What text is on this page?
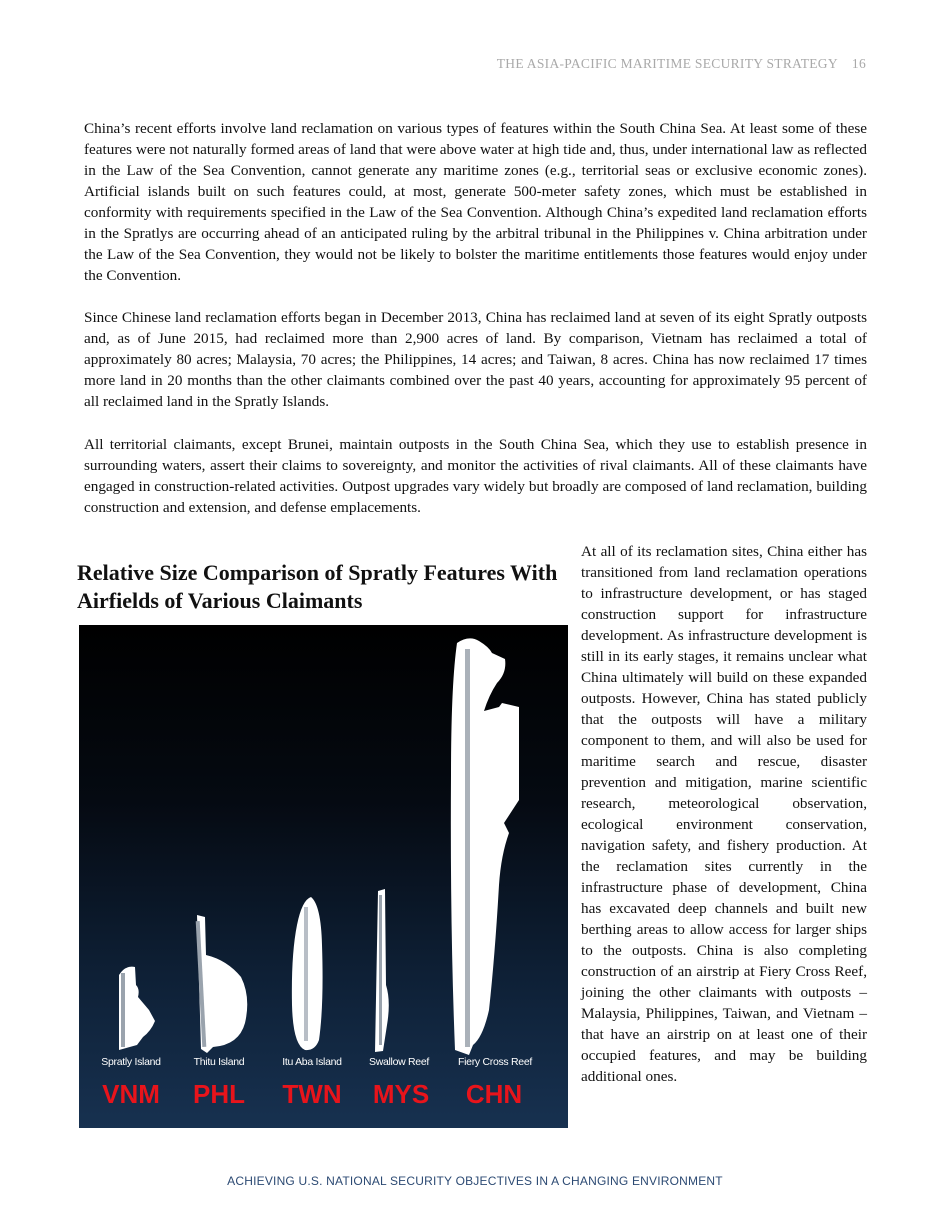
THE ASIA-PACIFIC MARITIME SECURITY STRATEGY 16

China’s recent efforts involve land reclamation on various types of features within the South China Sea. At least some of these features were not naturally formed areas of land that were above water at high tide and, thus, under international law as reflected in the Law of the Sea Convention, cannot generate any maritime zones (e.g., territorial seas or exclusive economic zones). Artificial islands built on such features could, at most, generate 500-meter safety zones, which must be established in conformity with requirements specified in the Law of the Sea Convention. Although China’s expedited land reclamation efforts in the Spratlys are occurring ahead of an anticipated ruling by the arbitral tribunal in the Philippines v. China arbitration under the Law of the Sea Convention, they would not be likely to bolster the maritime entitlements those features would enjoy under the Convention.

Since Chinese land reclamation efforts began in December 2013, China has reclaimed land at seven of its eight Spratly outposts and, as of June 2015, had reclaimed more than 2,900 acres of land. By comparison, Vietnam has reclaimed a total of approximately 80 acres; Malaysia, 70 acres; the Philippines, 14 acres; and Taiwan, 8 acres. China has now reclaimed 17 times more land in 20 months than the other claimants combined over the past 40 years, accounting for approximately 95 percent of all reclaimed land in the Spratly Islands.

All territorial claimants, except Brunei, maintain outposts in the South China Sea, which they use to establish presence in surrounding waters, assert their claims to sovereignty, and monitor the activities of rival claimants. All of these claimants have engaged in construction-related activities. Outpost upgrades vary widely but broadly are composed of land reclamation, building construction and extension, and defense emplacements.

Relative Size Comparison of Spratly Features With Airfields of Various Claimants
Spratly Island	Thitu Island	Itu Aba Island	Swallow Reef	Fiery Cross Reef
VNM PHL TWN MYS CHN

At all of its reclamation sites, China either has transitioned from land reclamation operations to infrastructure development, or has staged construction support for infrastructure development. As infrastructure development is still in its early stages, it remains unclear what China ultimately will build on these expanded outposts. However, China has stated publicly that the outposts will have a military component to them, and will also be used for maritime search and rescue, disaster prevention and mitigation, marine scientific research, meteorological observation, ecological environment conservation, navigation safety, and fishery production. At the reclamation sites currently in the infrastructure phase of development, China has excavated deep channels and built new berthing areas to allow access for larger ships to the outposts. China is also completing construction of an airstrip at Fiery Cross Reef, joining the other claimants with outposts – Malaysia, Philippines, Taiwan, and Vietnam – that have an airstrip on at least one of their occupied features, and may be building additional ones.

ACHIEVING U.S. NATIONAL SECURITY OBJECTIVES IN A CHANGING ENVIRONMENT
